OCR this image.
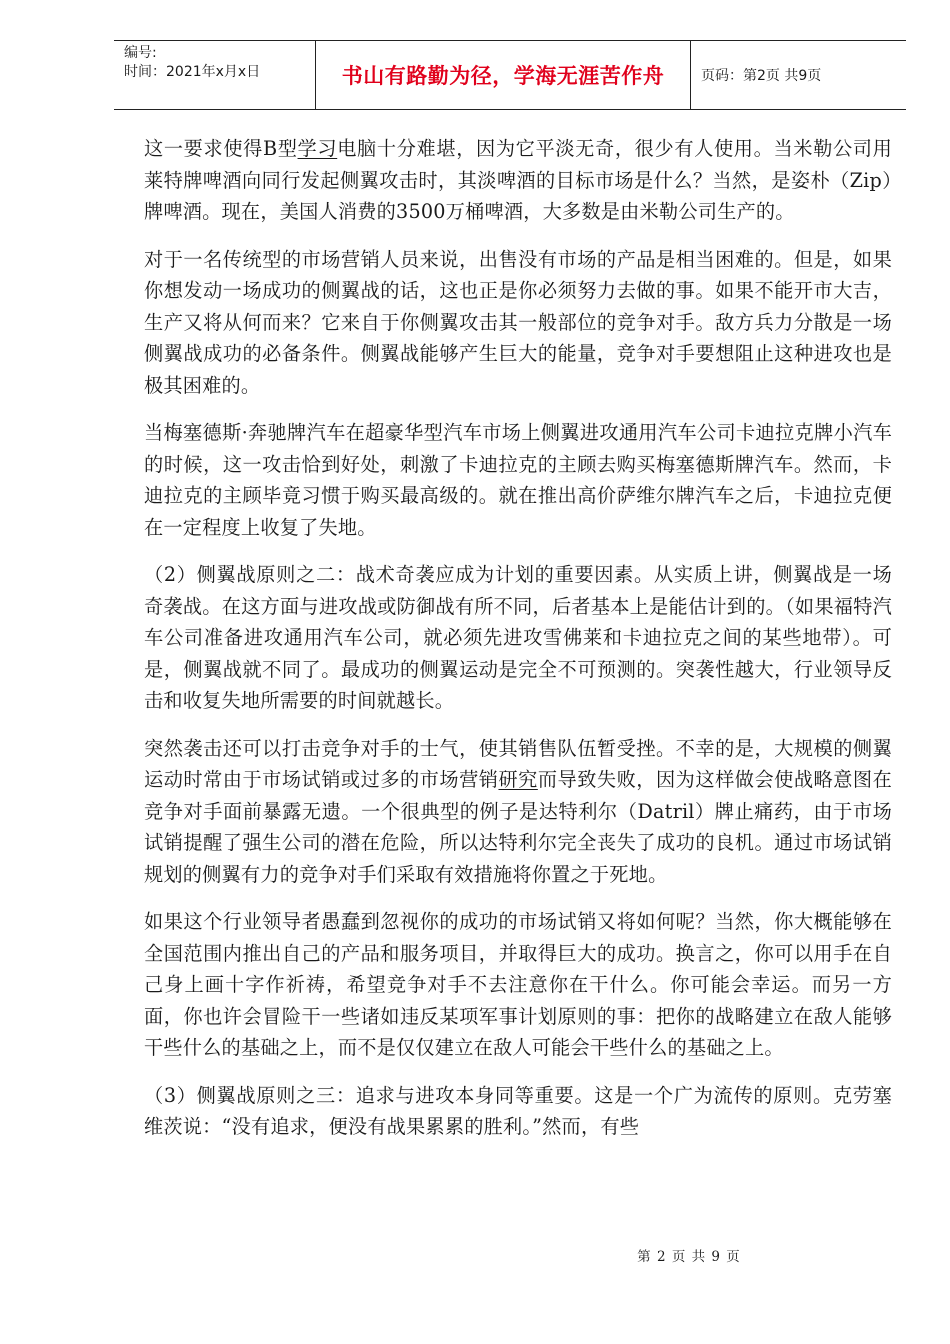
编号:
时间：2021年x月x日	书山有路勤为径，学海无涯苦作舟	页码：第2页 共9页

这一要求使得B型学习电脑十分难堪，因为它平淡无奇，很少有人使用。当米勒公司用莱特牌啤酒向同行发起侧翼攻击时，其淡啤酒的目标市场是什么？当然，是姿朴（Zip）牌啤酒。现在，美国人消费的3500万桶啤酒，大多数是由米勒公司生产的。

对于一名传统型的市场营销人员来说，出售没有市场的产品是相当困难的。但是，如果你想发动一场成功的侧翼战的话，这也正是你必须努力去做的事。如果不能开市大吉，生产又将从何而来？它来自于你侧翼攻击其一般部位的竞争对手。敌方兵力分散是一场侧翼战成功的必备条件。侧翼战能够产生巨大的能量，竞争对手要想阻止这种进攻也是极其困难的。

当梅塞德斯·奔驰牌汽车在超豪华型汽车市场上侧翼进攻通用汽车公司卡迪拉克牌小汽车的时候，这一攻击恰到好处，刺激了卡迪拉克的主顾去购买梅塞德斯牌汽车。然而，卡迪拉克的主顾毕竟习惯于购买最高级的。就在推出高价萨维尔牌汽车之后，卡迪拉克便在一定程度上收复了失地。

（2）侧翼战原则之二：战术奇袭应成为计划的重要因素。从实质上讲，侧翼战是一场奇袭战。在这方面与进攻战或防御战有所不同，后者基本上是能估计到的。（如果福特汽车公司准备进攻通用汽车公司，就必须先进攻雪佛莱和卡迪拉克之间的某些地带）。可是，侧翼战就不同了。最成功的侧翼运动是完全不可预测的。突袭性越大，行业领导反击和收复失地所需要的时间就越长。

突然袭击还可以打击竞争对手的士气，使其销售队伍暂受挫。不幸的是，大规模的侧翼运动时常由于市场试销或过多的市场营销研究而导致失败，因为这样做会使战略意图在竞争对手面前暴露无遗。一个很典型的例子是达特利尔（Datril）牌止痛药，由于市场试销提醒了强生公司的潜在危险，所以达特利尔完全丧失了成功的良机。通过市场试销规划的侧翼有力的竞争对手们采取有效措施将你置之于死地。

如果这个行业领导者愚蠢到忽视你的成功的市场试销又将如何呢？当然，你大概能够在全国范围内推出自己的产品和服务项目，并取得巨大的成功。换言之，你可以用手在自己身上画十字作祈祷，希望竞争对手不去注意你在干什么。你可能会幸运。而另一方面，你也许会冒险干一些诸如违反某项军事计划原则的事：把你的战略建立在敌人能够干些什么的基础之上，而不是仅仅建立在敌人可能会干些什么的基础之上。

（3）侧翼战原则之三：追求与进攻本身同等重要。这是一个广为流传的原则。克劳塞维茨说：“没有追求，便没有战果累累的胜利。”然而，有些

第 2 页 共 9 页
